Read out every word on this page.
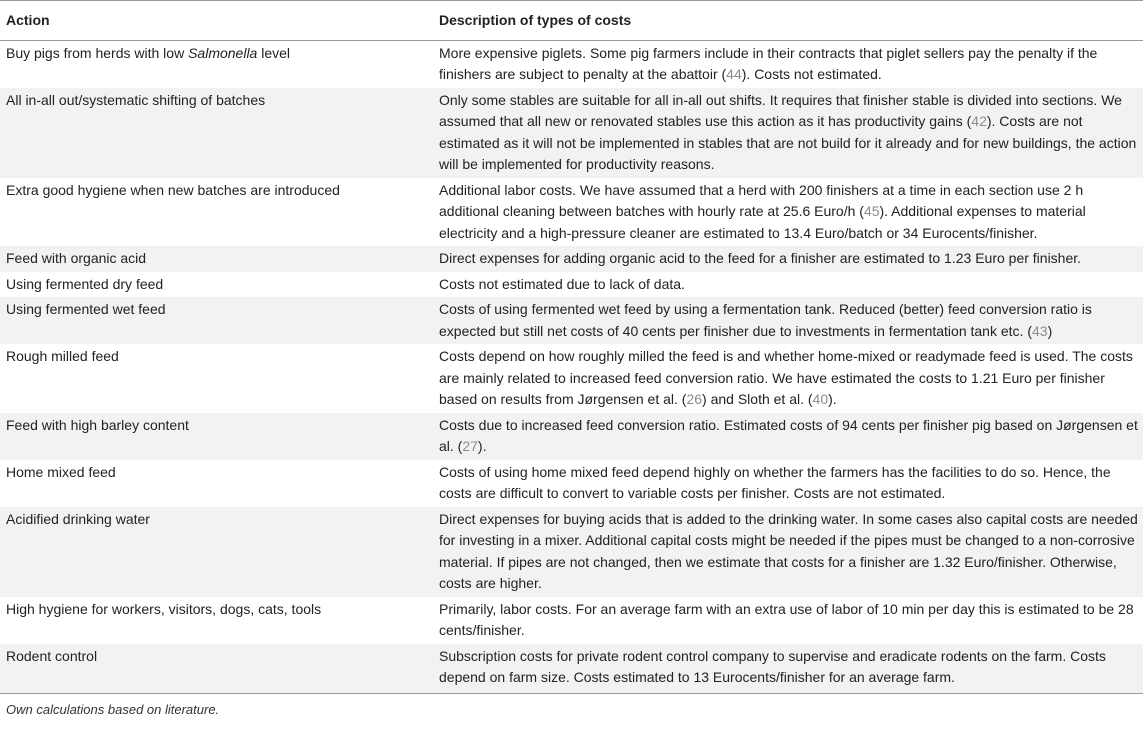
Action	Description of types of costs
Buy pigs from herds with low Salmonella level	More expensive piglets. Some pig farmers include in their contracts that piglet sellers pay the penalty if the finishers are subject to penalty at the abattoir (44). Costs not estimated.
All in-all out/systematic shifting of batches	Only some stables are suitable for all in-all out shifts. It requires that finisher stable is divided into sections. We assumed that all new or renovated stables use this action as it has productivity gains (42). Costs are not estimated as it will not be implemented in stables that are not build for it already and for new buildings, the action will be implemented for productivity reasons.
Extra good hygiene when new batches are introduced	Additional labor costs. We have assumed that a herd with 200 finishers at a time in each section use 2 h additional cleaning between batches with hourly rate at 25.6 Euro/h (45). Additional expenses to material electricity and a high-pressure cleaner are estimated to 13.4 Euro/batch or 34 Eurocents/finisher.
Feed with organic acid	Direct expenses for adding organic acid to the feed for a finisher are estimated to 1.23 Euro per finisher.
Using fermented dry feed	Costs not estimated due to lack of data.
Using fermented wet feed	Costs of using fermented wet feed by using a fermentation tank. Reduced (better) feed conversion ratio is expected but still net costs of 40 cents per finisher due to investments in fermentation tank etc. (43)
Rough milled feed	Costs depend on how roughly milled the feed is and whether home-mixed or readymade feed is used. The costs are mainly related to increased feed conversion ratio. We have estimated the costs to 1.21 Euro per finisher based on results from Jørgensen et al. (26) and Sloth et al. (40).
Feed with high barley content	Costs due to increased feed conversion ratio. Estimated costs of 94 cents per finisher pig based on Jørgensen et al. (27).
Home mixed feed	Costs of using home mixed feed depend highly on whether the farmers has the facilities to do so. Hence, the costs are difficult to convert to variable costs per finisher. Costs are not estimated.
Acidified drinking water	Direct expenses for buying acids that is added to the drinking water. In some cases also capital costs are needed for investing in a mixer. Additional capital costs might be needed if the pipes must be changed to a non-corrosive material. If pipes are not changed, then we estimate that costs for a finisher are 1.32 Euro/finisher. Otherwise, costs are higher.
High hygiene for workers, visitors, dogs, cats, tools	Primarily, labor costs. For an average farm with an extra use of labor of 10 min per day this is estimated to be 28 cents/finisher.
Rodent control	Subscription costs for private rodent control company to supervise and eradicate rodents on the farm. Costs depend on farm size. Costs estimated to 13 Eurocents/finisher for an average farm.
Own calculations based on literature.
